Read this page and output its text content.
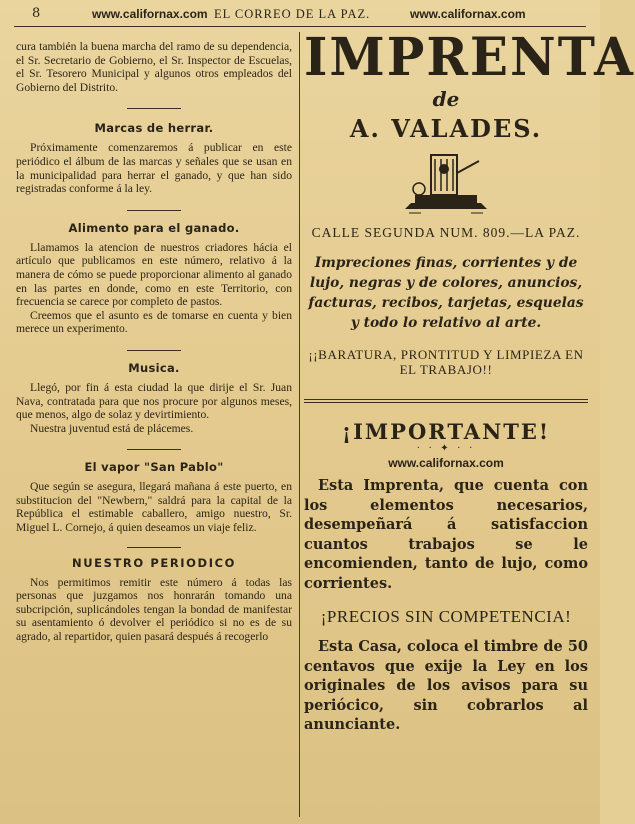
8	www.californax.com EL CORREO DE LA PAZ.	www.californax.com

cura también la buena marcha del ramo de su dependencia, el Sr. Secretario de Gobierno, el Sr. Inspector de Escuelas, el Sr. Tesorero Municipal y algunos otros empleados del Gobierno del Distrito.

Marcas de herrar.

Próximamente comenzaremos á publicar en este periódico el álbum de las marcas y señales que se usan en la municipalidad para herrar el ganado, y que han sido registradas conforme á la ley.

Alimento para el ganado.

Llamamos la atencion de nuestros criadores hácia el artículo que publicamos en este número, relativo á la manera de cómo se puede proporcionar alimento al ganado en las partes en donde, como en este Territorio, con frecuencia se carece por completo de pastos.

Creemos que el asunto es de tomarse en cuenta y bien merece un experimento.

Musica.

Llegó, por fin á esta ciudad la que dirije el Sr. Juan Nava, contratada para que nos procure por algunos meses, que menos, algo de solaz y devirtimiento.

Nuestra juventud está de plácemes.

El vapor "San Pablo"

Que según se asegura, llegará mañana á este puerto, en substitucion del "Newbern," saldrá para la capital de la República el estimable caballero, amigo nuestro, Sr. Miguel L. Cornejo, á quien deseamos un viaje feliz.

NUESTRO PERIODICO

Nos permitimos remitir este número á todas las personas que juzgamos nos honrarán tomando una subcripción, suplicándoles tengan la bondad de manifestar su asentamiento ó devolver el periódico si no es de su agrado, al repartidor, quien pasará después á recogerlo

IMPRENTA
de
A. VALADES.
CALLE SEGUNDA NUM. 809.—LA PAZ.
Impreciones finas, corrientes y de lujo, negras y de colores, anuncios, facturas, recibos, tarjetas, esquelas y todo lo relativo al arte.
¡¡BARATURA, PRONTITUD Y LIMPIEZA EN EL TRABAJO!!
¡IMPORTANTE!
· · ✦ · ·
www.californax.com

Esta Imprenta, que cuenta con los elementos necesarios, desempeñará á satisfaccion cuantos trabajos se le encomienden, tanto de lujo, como corrientes.

¡PRECIOS SIN COMPETENCIA!

Esta Casa, coloca el timbre de 50 centavos que exije la Ley en los originales de los avisos para su periócico, sin cobrarlos al anunciante.
